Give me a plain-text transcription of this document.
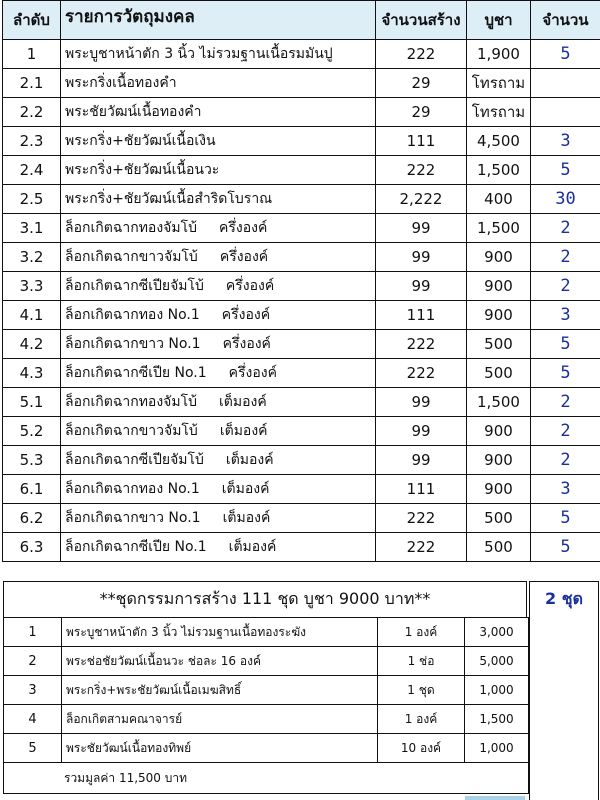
ลำดับ	รายการวัตถุมงคล	จำนวนสร้าง	บูชา	จำนวน
1	พระบูชาหน้าตัก 3 นิ้ว ไม่รวมฐานเนื้อรมมันปู	222	1,900	5
2.1	พระกริ่งเนื้อทองคำ	29	โทรถาม	
2.2	พระชัยวัฒน์เนื้อทองคำ	29	โทรถาม	
2.3	พระกริ่ง+ชัยวัฒน์เนื้อเงิน	111	4,500	3
2.4	พระกริ่ง+ชัยวัฒน์เนื้อนวะ	222	1,500	5
2.5	พระกริ่ง+ชัยวัฒน์เนื้อสำริดโบราณ	2,222	400	30
3.1	ล็อกเกิตฉากทองจัมโบ้ ครึ่งองค์	99	1,500	2
3.2	ล็อกเกิตฉากขาวจัมโบ้ ครึ่งองค์	99	900	2
3.3	ล็อกเกิตฉากซีเปียจัมโบ้ ครึ่งองค์	99	900	2
4.1	ล็อกเกิตฉากทอง No.1 ครึ่งองค์	111	900	3
4.2	ล็อกเกิตฉากขาว No.1 ครึ่งองค์	222	500	5
4.3	ล็อกเกิตฉากซีเปีย No.1 ครึ่งองค์	222	500	5
5.1	ล็อกเกิตฉากทองจัมโบ้ เต็มองค์	99	1,500	2
5.2	ล็อกเกิตฉากขาวจัมโบ้ เต็มองค์	99	900	2
5.3	ล็อกเกิตฉากซีเปียจัมโบ้ เต็มองค์	99	900	2
6.1	ล็อกเกิตฉากทอง No.1 เต็มองค์	111	900	3
6.2	ล็อกเกิตฉากขาว No.1 เต็มองค์	222	500	5
6.3	ล็อกเกิตฉากซีเปีย No.1 เต็มองค์	222	500	5
**ชุดกรรมการสร้าง 111 ชุด บูชา 9000 บาท**	2 ชุด
1	พระบูชาหน้าตัก 3 นิ้ว ไม่รวมฐานเนื้อทองระฆัง	1 องค์	3,000
2	พระช่อชัยวัฒน์เนื้อนวะ ช่อละ 16 องค์	1 ช่อ	5,000
3	พระกริ่ง+พระชัยวัฒน์เนื้อเมฆสิทธิ์	1 ชุด	1,000
4	ล็อกเกิตสามคณาจารย์	1 องค์	1,500
5	พระชัยวัฒน์เนื้อทองทิพย์	10 องค์	1,000
รวมมูลค่า 11,500 บาท			
